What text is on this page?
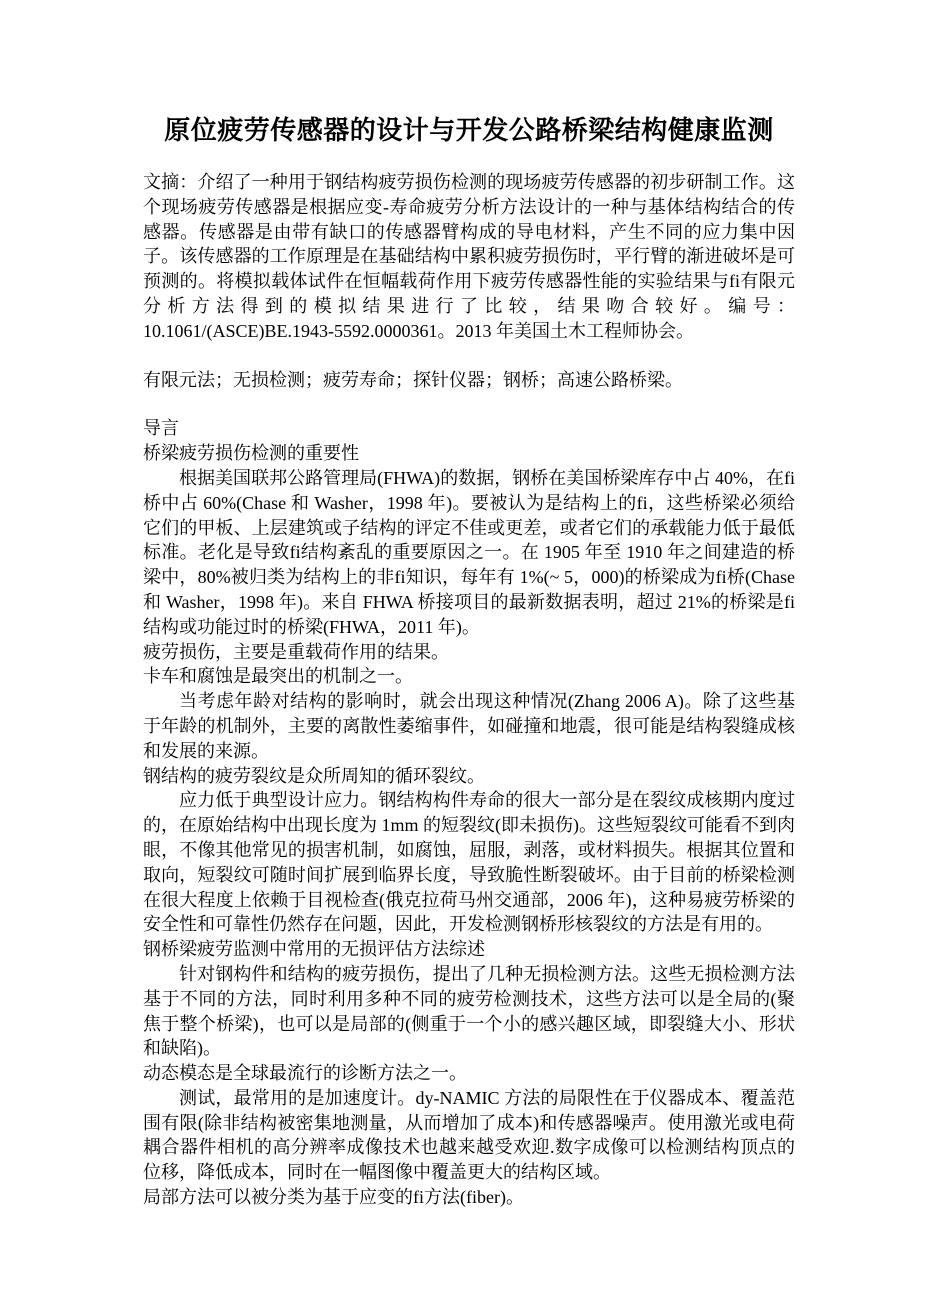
原位疲劳传感器的设计与开发公路桥梁结构健康监测

文摘：介绍了一种用于钢结构疲劳损伤检测的现场疲劳传感器的初步研制工作。这个现场疲劳传感器是根据应变-寿命疲劳分析方法设计的一种与基体结构结合的传感器。传感器是由带有缺口的传感器臂构成的导电材料，产生不同的应力集中因子。该传感器的工作原理是在基础结构中累积疲劳损伤时，平行臂的渐进破坏是可预测的。将模拟载体试件在恒幅载荷作用下疲劳传感器性能的实验结果与fi有限元分析方法得到的模拟结果进行了比较，结果吻合较好。编号：10.1061/(ASCE)BE.1943-5592.0000361。2013 年美国土木工程师协会。

有限元法；无损检测；疲劳寿命；探针仪器；钢桥；高速公路桥梁。

导言

桥梁疲劳损伤检测的重要性

根据美国联邦公路管理局(FHWA)的数据，钢桥在美国桥梁库存中占 40%，在fi桥中占 60%(Chase 和 Washer，1998 年)。要被认为是结构上的fi，这些桥梁必须给它们的甲板、上层建筑或子结构的评定不佳或更差，或者它们的承载能力低于最低标准。老化是导致fi结构紊乱的重要原因之一。在 1905 年至 1910 年之间建造的桥梁中，80%被归类为结构上的非fi知识，每年有 1%(~ 5，000)的桥梁成为fi桥(Chase 和 Washer，1998 年)。来自 FHWA 桥接项目的最新数据表明，超过 21%的桥梁是fi结构或功能过时的桥梁(FHWA，2011 年)。

疲劳损伤，主要是重载荷作用的结果。

卡车和腐蚀是最突出的机制之一。

当考虑年龄对结构的影响时，就会出现这种情况(Zhang 2006 A)。除了这些基于年龄的机制外，主要的离散性萎缩事件，如碰撞和地震，很可能是结构裂缝成核和发展的来源。

钢结构的疲劳裂纹是众所周知的循环裂纹。

应力低于典型设计应力。钢结构构件寿命的很大一部分是在裂纹成核期内度过的，在原始结构中出现长度为 1mm 的短裂纹(即未损伤)。这些短裂纹可能看不到肉眼，不像其他常见的损害机制，如腐蚀，屈服，剥落，或材料损失。根据其位置和取向，短裂纹可随时间扩展到临界长度，导致脆性断裂破坏。由于目前的桥梁检测在很大程度上依赖于目视检查(俄克拉荷马州交通部，2006 年)，这种易疲劳桥梁的安全性和可靠性仍然存在问题，因此，开发检测钢桥形核裂纹的方法是有用的。

钢桥梁疲劳监测中常用的无损评估方法综述

针对钢构件和结构的疲劳损伤，提出了几种无损检测方法。这些无损检测方法基于不同的方法，同时利用多种不同的疲劳检测技术，这些方法可以是全局的(聚焦于整个桥梁)，也可以是局部的(侧重于一个小的感兴趣区域，即裂缝大小、形状和缺陷)。

动态模态是全球最流行的诊断方法之一。

测试，最常用的是加速度计。dy-NAMIC 方法的局限性在于仪器成本、覆盖范围有限(除非结构被密集地测量，从而增加了成本)和传感器噪声。使用激光或电荷耦合器件相机的高分辨率成像技术也越来越受欢迎.数字成像可以检测结构顶点的位移，降低成本，同时在一幅图像中覆盖更大的结构区域。

局部方法可以被分类为基于应变的fi方法(fiber)。
